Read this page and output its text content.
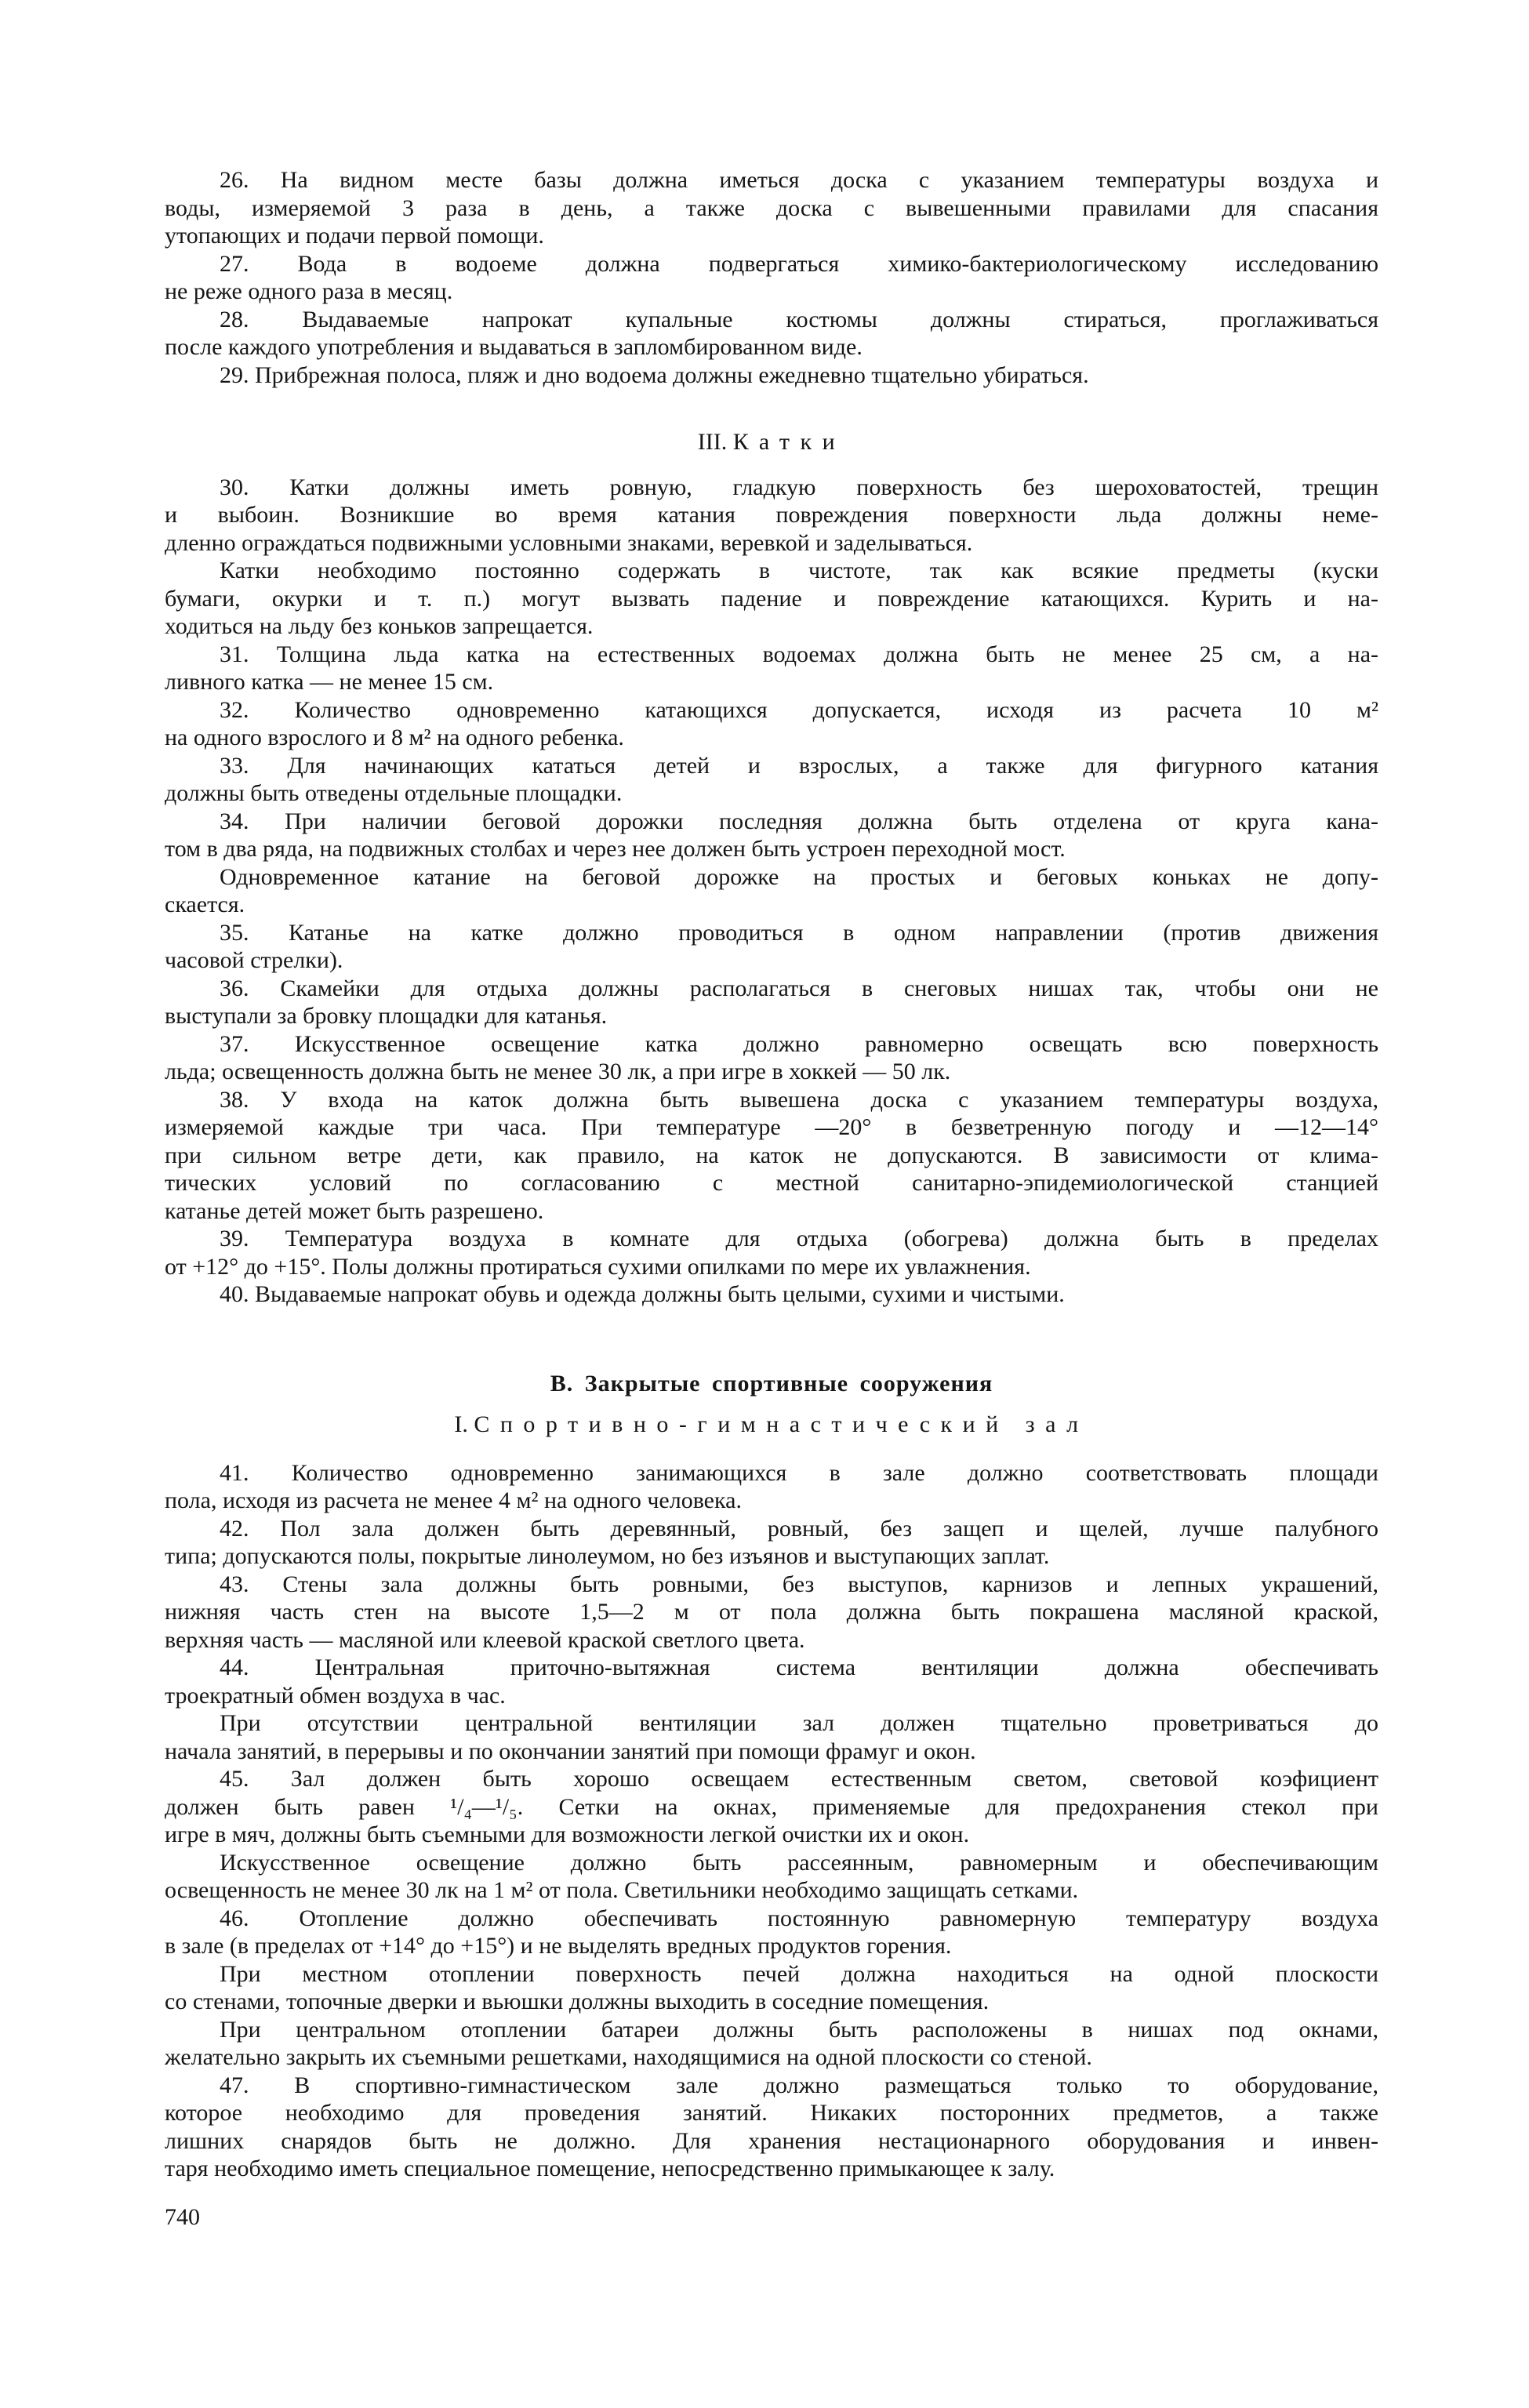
26. На видном месте базы должна иметься доска с указанием температуры воздуха и
воды, измеряемой 3 раза в день, а также доска с вывешенными правилами для спасания
утопающих и подачи первой помощи.
27. Вода в водоеме должна подвергаться химико-бактериологическому исследованию
не реже одного раза в месяц.
28. Выдаваемые напрокат купальные костюмы должны стираться, проглаживаться
после каждого употребления и выдаваться в запломбированном виде.
29. Прибрежная полоса, пляж и дно водоема должны ежедневно тщательно убираться.
III. Катки
30. Катки должны иметь ровную, гладкую поверхность без шероховатостей, трещин
и выбоин. Возникшие во время катания повреждения поверхности льда должны неме-
дленно ограждаться подвижными условными знаками, веревкой и заделываться.
Катки необходимо постоянно содержать в чистоте, так как всякие предметы (куски
бумаги, окурки и т. п.) могут вызвать падение и повреждение катающихся. Курить и на-
ходиться на льду без коньков запрещается.
31. Толщина льда катка на естественных водоемах должна быть не менее 25 см, а на-
ливного катка — не менее 15 см.
32. Количество одновременно катающихся допускается, исходя из расчета 10 м²
на одного взрослого и 8 м² на одного ребенка.
33. Для начинающих кататься детей и взрослых, а также для фигурного катания
должны быть отведены отдельные площадки.
34. При наличии беговой дорожки последняя должна быть отделена от круга кана-
том в два ряда, на подвижных столбах и через нее должен быть устроен переходной мост.
Одновременное катание на беговой дорожке на простых и беговых коньках не допу-
скается.
35. Катанье на катке должно проводиться в одном направлении (против движения
часовой стрелки).
36. Скамейки для отдыха должны располагаться в снеговых нишах так, чтобы они не
выступали за бровку площадки для катанья.
37. Искусственное освещение катка должно равномерно освещать всю поверхность
льда; освещенность должна быть не менее 30 лк, а при игре в хоккей — 50 лк.
38. У входа на каток должна быть вывешена доска с указанием температуры воздуха,
измеряемой каждые три часа. При температуре —20° в безветренную погоду и —12—14°
при сильном ветре дети, как правило, на каток не допускаются. В зависимости от клима-
тических условий по согласованию с местной санитарно-эпидемиологической станцией
катанье детей может быть разрешено.
39. Температура воздуха в комнате для отдыха (обогрева) должна быть в пределах
от +12° до +15°. Полы должны протираться сухими опилками по мере их увлажнения.
40. Выдаваемые напрокат обувь и одежда должны быть целыми, сухими и чистыми.
В. Закрытые спортивные сооружения
I. Спортивно-гимнастический зал
41. Количество одновременно занимающихся в зале должно соответствовать площади
пола, исходя из расчета не менее 4 м² на одного человека.
42. Пол зала должен быть деревянный, ровный, без защеп и щелей, лучше палубного
типа; допускаются полы, покрытые линолеумом, но без изъянов и выступающих заплат.
43. Стены зала должны быть ровными, без выступов, карнизов и лепных украшений,
нижняя часть стен на высоте 1,5—2 м от пола должна быть покрашена масляной краской,
верхняя часть — масляной или клеевой краской светлого цвета.
44. Центральная приточно-вытяжная система вентиляции должна обеспечивать
троекратный обмен воздуха в час.
При отсутствии центральной вентиляции зал должен тщательно проветриваться до
начала занятий, в перерывы и по окончании занятий при помощи фрамуг и окон.
45. Зал должен быть хорошо освещаем естественным светом, световой коэфициент
должен быть равен ¹/₄—¹/₅. Сетки на окнах, применяемые для предохранения стекол при
игре в мяч, должны быть съемными для возможности легкой очистки их и окон.
Искусственное освещение должно быть рассеянным, равномерным и обеспечивающим
освещенность не менее 30 лк на 1 м² от пола. Светильники необходимо защищать сетками.
46. Отопление должно обеспечивать постоянную равномерную температуру воздуха
в зале (в пределах от +14° до +15°) и не выделять вредных продуктов горения.
При местном отоплении поверхность печей должна находиться на одной плоскости
со стенами, топочные дверки и вьюшки должны выходить в соседние помещения.
При центральном отоплении батареи должны быть расположены в нишах под окнами,
желательно закрыть их съемными решетками, находящимися на одной плоскости со стеной.
47. В спортивно-гимнастическом зале должно размещаться только то оборудование,
которое необходимо для проведения занятий. Никаких посторонних предметов, а также
лишних снарядов быть не должно. Для хранения нестационарного оборудования и инвен-
таря необходимо иметь специальное помещение, непосредственно примыкающее к залу.
740
